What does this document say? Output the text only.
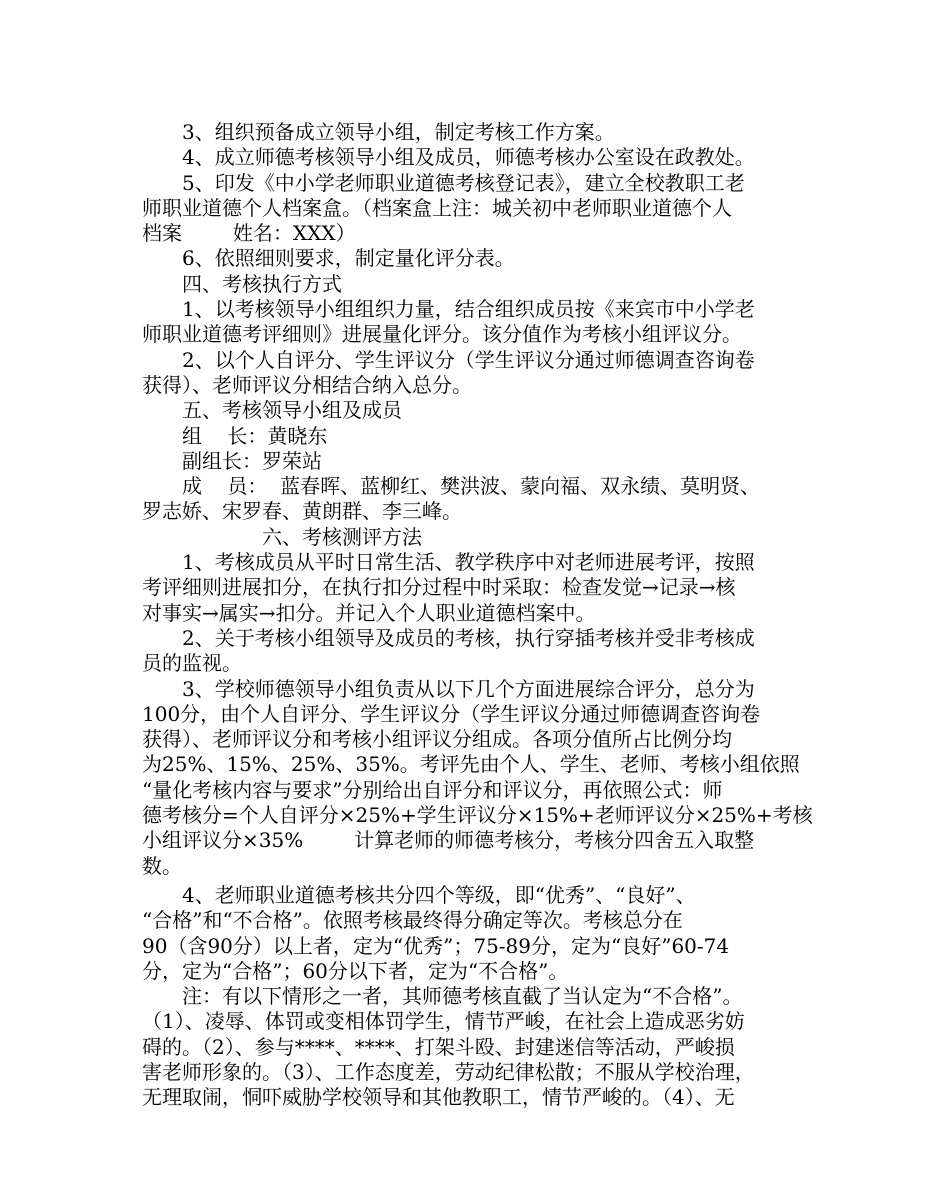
3、组织预备成立领导小组，制定考核工作方案。
4、成立师德考核领导小组及成员，师德考核办公室设在政教处。
5、印发《中小学老师职业道德考核登记表》，建立全校教职工老
师职业道德个人档案盒。（档案盒上注：城关初中老师职业道德个人
档案        姓名：XXX）
6、依照细则要求，制定量化评分表。
四、考核执行方式
1、以考核领导小组组织力量，结合组织成员按《来宾市中小学老
师职业道德考评细则》进展量化评分。该分值作为考核小组评议分。
2、以个人自评分、学生评议分（学生评议分通过师德调查咨询卷
获得）、老师评议分相结合纳入总分。
五、考核领导小组及成员
组    长：黄晓东
副组长：罗荣站
成    员：  蓝春晖、蓝柳红、樊洪波、蒙向福、双永绩、莫明贤、
罗志娇、宋罗春、黄朗群、李三峰。
六、考核测评方法
1、考核成员从平时日常生活、教学秩序中对老师进展考评，按照
考评细则进展扣分，在执行扣分过程中时采取：检查发觉→记录→核
对事实→属实→扣分。并记入个人职业道德档案中。
2、关于考核小组领导及成员的考核，执行穿插考核并受非考核成
员的监视。
3、学校师德领导小组负责从以下几个方面进展综合评分，总分为
100分，由个人自评分、学生评议分（学生评议分通过师德调查咨询卷
获得）、老师评议分和考核小组评议分组成。各项分值所占比例分均
为25%、15%、25%、35%。考评先由个人、学生、老师、考核小组依照
“量化考核内容与要求”分别给出自评分和评议分，再依照公式：师
德考核分=个人自评分×25%+学生评议分×15%+老师评议分×25%+考核
小组评议分×35%        计算老师的师德考核分，考核分四舍五入取整
数。
4、老师职业道德考核共分四个等级，即“优秀”、“良好”、
“合格”和“不合格”。依照考核最终得分确定等次。考核总分在
90（含90分）以上者，定为“优秀”；75-89分，定为“良好”60-74
分，定为“合格”；60分以下者，定为“不合格”。
注：有以下情形之一者，其师德考核直截了当认定为“不合格”。
（1）、凌辱、体罚或变相体罚学生，情节严峻，在社会上造成恶劣妨
碍的。（2）、参与****、****、打架斗殴、封建迷信等活动，严峻损
害老师形象的。（3）、工作态度差，劳动纪律松散；不服从学校治理，
无理取闹，恫吓威胁学校领导和其他教职工，情节严峻的。（4）、无
